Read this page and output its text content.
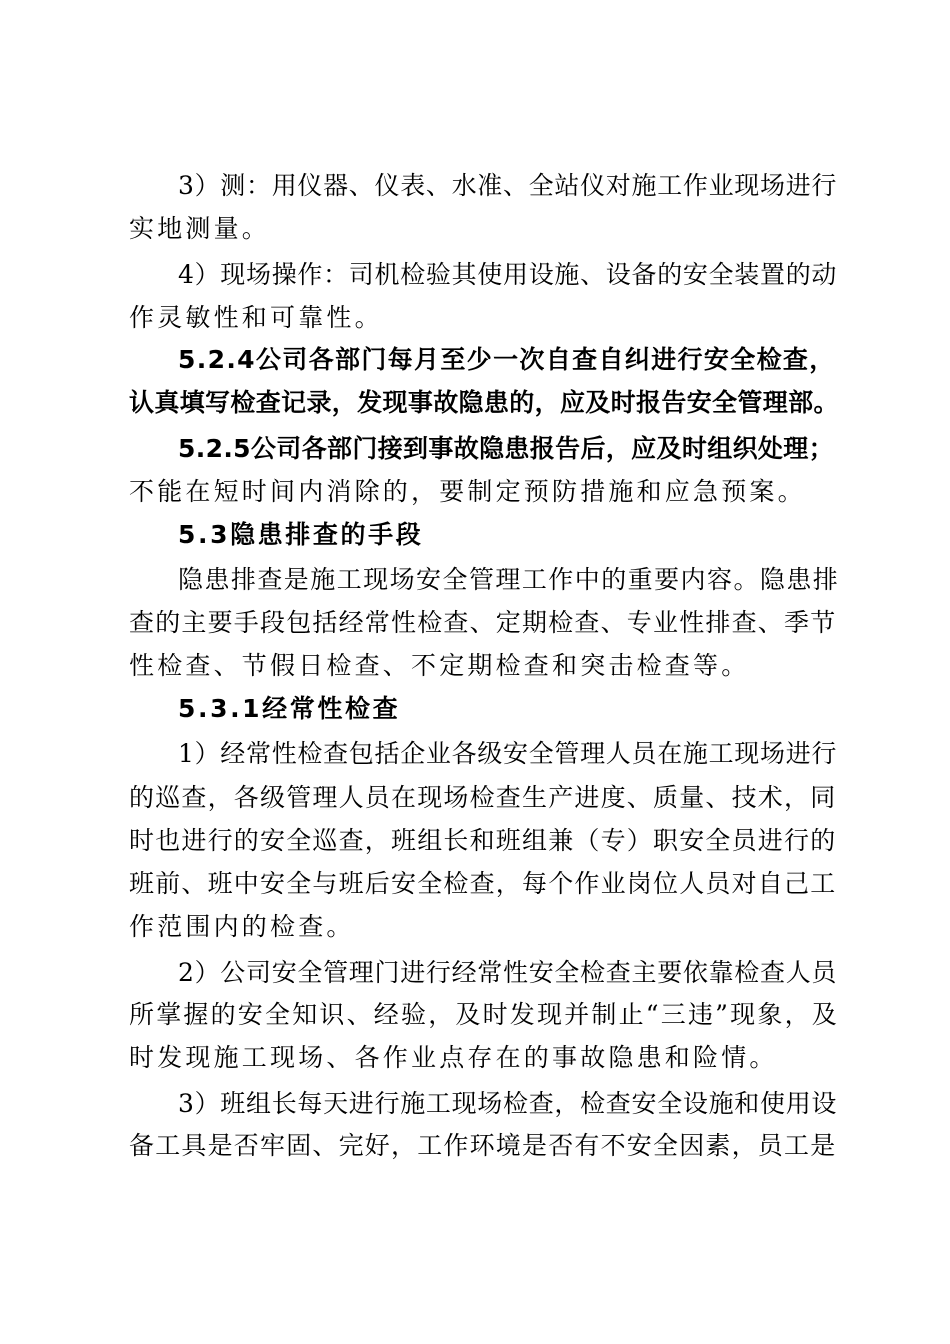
3）测：用仪器、仪表、水准、全站仪对施工作业现场进行
实地测量。
4）现场操作：司机检验其使用设施、设备的安全装置的动
作灵敏性和可靠性。
5.2.4公司各部门每月至少一次自查自纠进行安全检查，
认真填写检查记录，发现事故隐患的，应及时报告安全管理部。
5.2.5公司各部门接到事故隐患报告后，应及时组织处理；
不能在短时间内消除的，要制定预防措施和应急预案。
5.3隐患排查的手段
隐患排查是施工现场安全管理工作中的重要内容。隐患排
查的主要手段包括经常性检查、定期检查、专业性排查、季节
性检查、节假日检查、不定期检查和突击检查等。
5.3.1经常性检查
1）经常性检查包括企业各级安全管理人员在施工现场进行
的巡查，各级管理人员在现场检查生产进度、质量、技术，同
时也进行的安全巡查，班组长和班组兼（专）职安全员进行的
班前、班中安全与班后安全检查，每个作业岗位人员对自己工
作范围内的检查。
2）公司安全管理门进行经常性安全检查主要依靠检查人员
所掌握的安全知识、经验，及时发现并制止“三违”现象，及
时发现施工现场、各作业点存在的事故隐患和险情。
3）班组长每天进行施工现场检查，检查安全设施和使用设
备工具是否牢固、完好，工作环境是否有不安全因素，员工是
